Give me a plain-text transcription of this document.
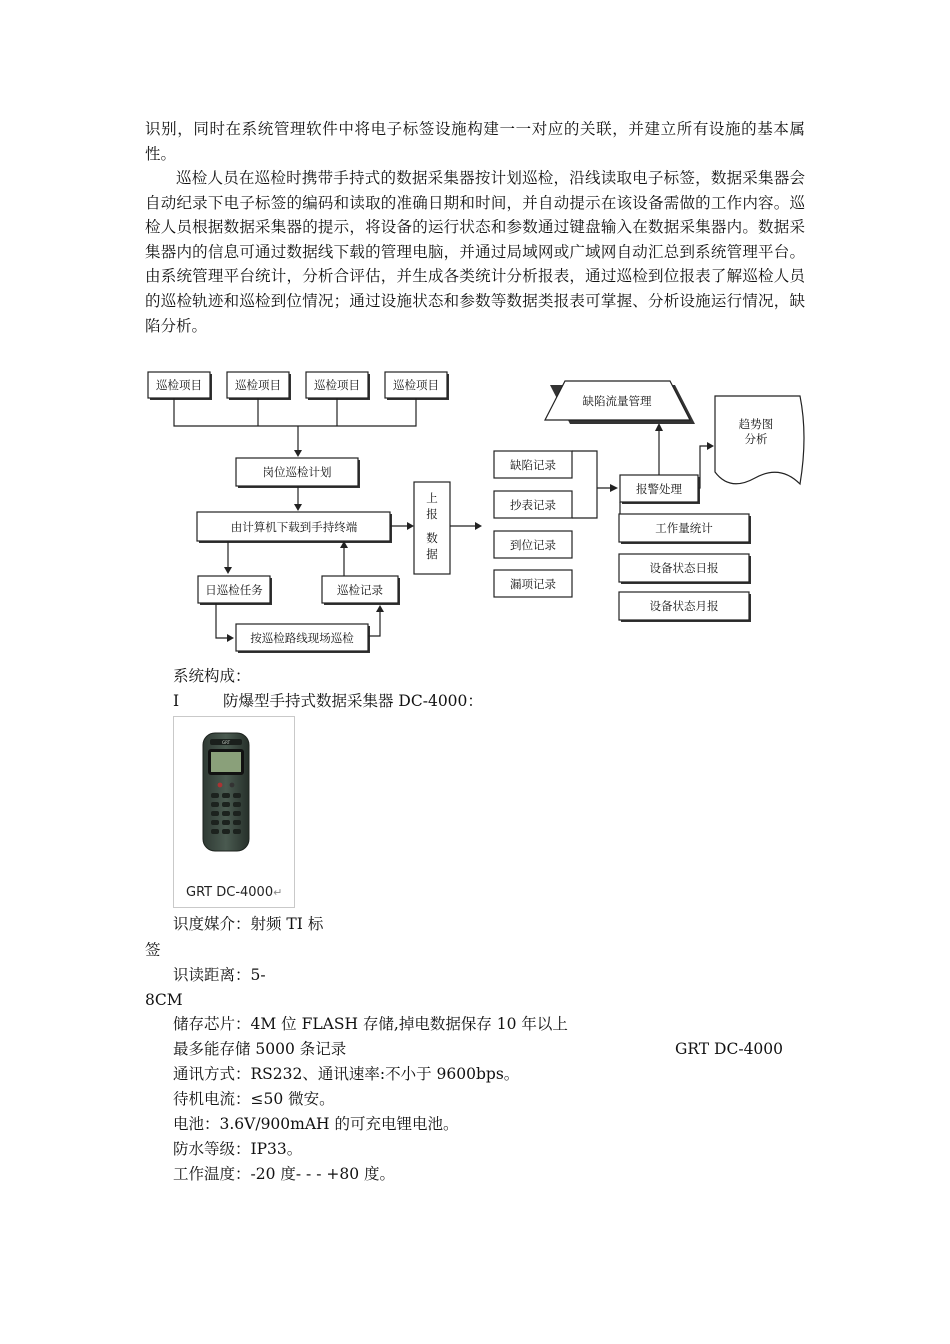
识别，同时在系统管理软件中将电子标签设施构建一一对应的关联，并建立所有设施的基本属性。

巡检人员在巡检时携带手持式的数据采集器按计划巡检，沿线读取电子标签，数据采集器会自动纪录下电子标签的编码和读取的准确日期和时间，并自动提示在该设备需做的工作内容。巡检人员根据数据采集器的提示，将设备的运行状态和参数通过键盘输入在数据采集器内。数据采集器内的信息可通过数据线下载的管理电脑，并通过局域网或广域网自动汇总到系统管理平台。由系统管理平台统计，分析合评估，并生成各类统计分析报表，通过巡检到位报表了解巡检人员的巡检轨迹和巡检到位情况；通过设施状态和参数等数据类报表可掌握、分析设施运行情况，缺陷分析。

巡检项目	巡检项目	巡检项目	巡检项目
岗位巡检计划
由计算机下载到手持终端
日巡检任务	巡检记录
按巡检路线现场巡检
上
报
数
据
缺陷记录
抄表记录
到位记录
漏项记录
报警处理
缺陷流量管理
趋势图
分析
工作量统计
设备状态日报
设备状态月报

系统构成：

I	防爆型手持式数据采集器 DC-4000：

GRT
GRT DC-4000↵

识度媒介：射频 TI 标

签

识读距离：5-

8CM

储存芯片：4M 位 FLASH 存储,掉电数据保存 10 年以上

最多能存储 5000 条记录	GRT DC-4000

通讯方式：RS232、通讯速率:不小于 9600bps。

待机电流：≤50 微安。

电池：3.6V/900mAH 的可充电锂电池。

防水等级：IP33。

工作温度：-20 度- - - +80 度。
